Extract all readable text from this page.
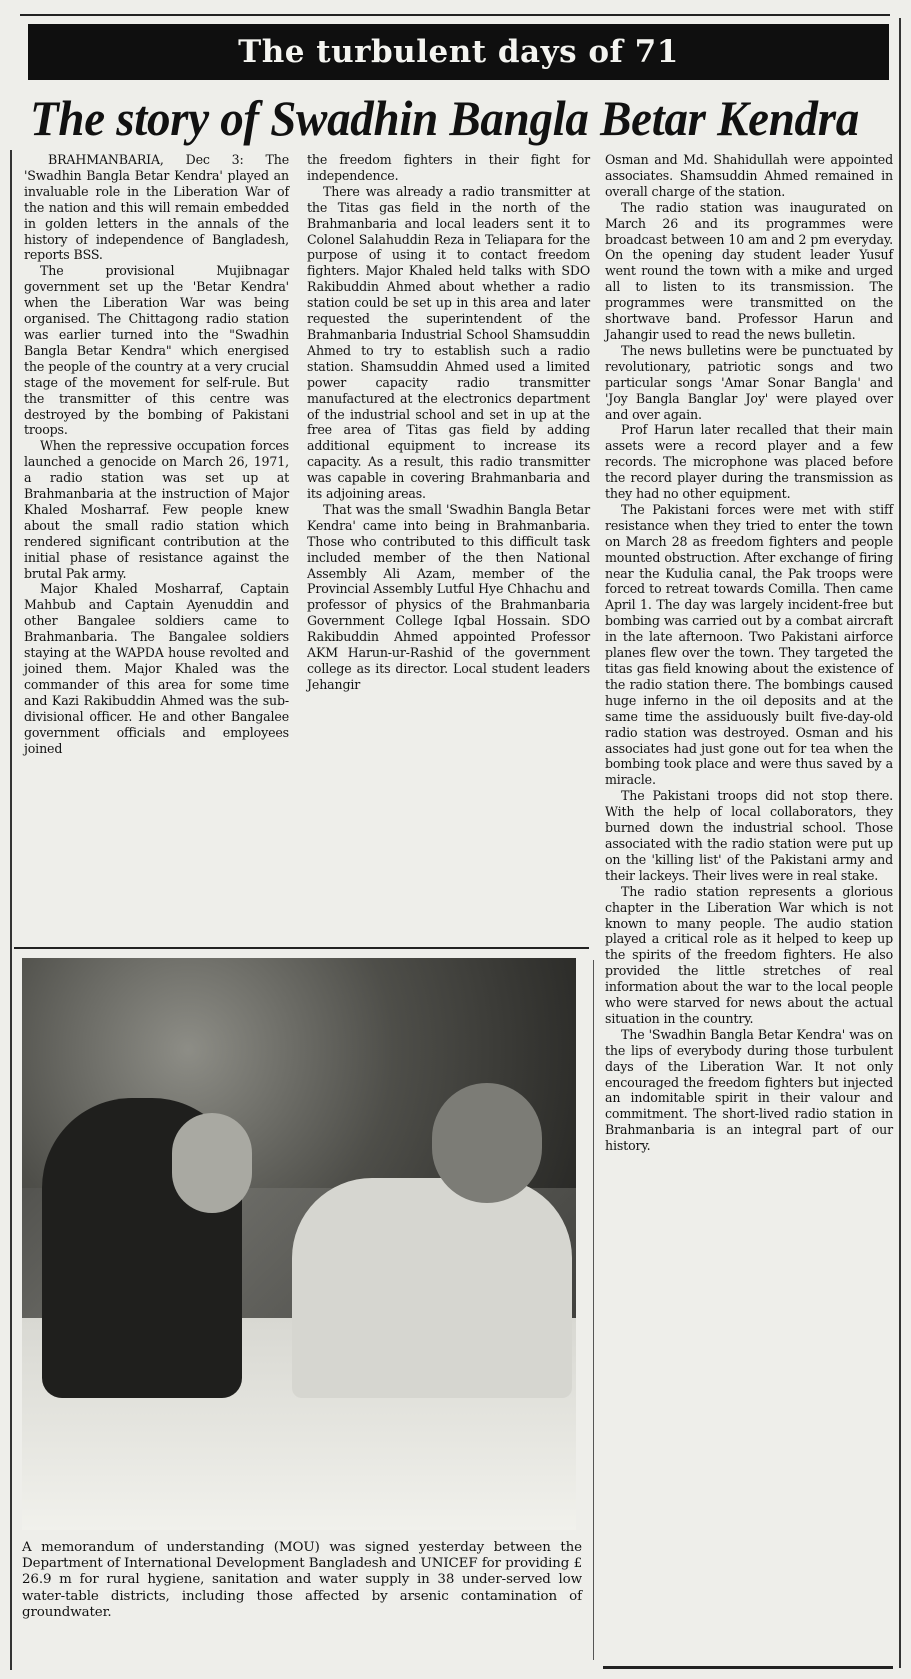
The turbulent days of 71
The story of Swadhin Bangla Betar Kendra

BRAHMANBARIA, Dec 3: The 'Swadhin Bangla Betar Kendra' played an invaluable role in the Liberation War of the nation and this will remain embedded in golden letters in the annals of the history of independence of Bangladesh, reports BSS.

The provisional Mujibnagar government set up the 'Betar Kendra' when the Liberation War was being organised. The Chittagong radio station was earlier turned into the "Swadhin Bangla Betar Kendra" which energised the people of the country at a very crucial stage of the movement for self-rule. But the transmitter of this centre was destroyed by the bombing of Pakistani troops.

When the repressive occupation forces launched a genocide on March 26, 1971, a radio station was set up at Brahmanbaria at the instruction of Major Khaled Mosharraf. Few people knew about the small radio station which rendered significant contribution at the initial phase of resistance against the brutal Pak army.

Major Khaled Mosharraf, Captain Mahbub and Captain Ayenuddin and other Bangalee soldiers came to Brahmanbaria. The Bangalee soldiers staying at the WAPDA house revolted and joined them. Major Khaled was the commander of this area for some time and Kazi Rakibuddin Ahmed was the sub-divisional officer. He and other Bangalee government officials and employees joined

the freedom fighters in their fight for independence.

There was already a radio transmitter at the Titas gas field in the north of the Brahmanbaria and local leaders sent it to Colonel Salahuddin Reza in Teliapara for the purpose of using it to contact freedom fighters. Major Khaled held talks with SDO Rakibuddin Ahmed about whether a radio station could be set up in this area and later requested the superintendent of the Brahmanbaria Industrial School Shamsuddin Ahmed to try to establish such a radio station. Shamsuddin Ahmed used a limited power capacity radio transmitter manufactured at the electronics department of the industrial school and set in up at the free area of Titas gas field by adding additional equipment to increase its capacity. As a result, this radio transmitter was capable in covering Brahmanbaria and its adjoining areas.

That was the small 'Swadhin Bangla Betar Kendra' came into being in Brahmanbaria. Those who contributed to this difficult task included member of the then National Assembly Ali Azam, member of the Provincial Assembly Lutful Hye Chhachu and professor of physics of the Brahmanbaria Government College Iqbal Hossain. SDO Rakibuddin Ahmed appointed Professor AKM Harun-ur-Rashid of the government college as its director. Local student leaders Jehangir

Osman and Md. Shahidullah were appointed associates. Shamsuddin Ahmed remained in overall charge of the station.

The radio station was inaugurated on March 26 and its programmes were broadcast between 10 am and 2 pm everyday. On the opening day student leader Yusuf went round the town with a mike and urged all to listen to its transmission. The programmes were transmitted on the shortwave band. Professor Harun and Jahangir used to read the news bulletin.

The news bulletins were be punctuated by revolutionary, patriotic songs and two particular songs 'Amar Sonar Bangla' and 'Joy Bangla Banglar Joy' were played over and over again.

Prof Harun later recalled that their main assets were a record player and a few records. The microphone was placed before the record player during the transmission as they had no other equipment.

The Pakistani forces were met with stiff resistance when they tried to enter the town on March 28 as freedom fighters and people mounted obstruction. After exchange of firing near the Kudulia canal, the Pak troops were forced to retreat towards Comilla. Then came April 1. The day was largely incident-free but bombing was carried out by a combat aircraft in the late afternoon. Two Pakistani airforce planes flew over the town. They targeted the titas gas field knowing about the existence of the radio station there. The bombings caused huge inferno in the oil deposits and at the same time the assiduously built five-day-old radio station was destroyed. Osman and his associates had just gone out for tea when the bombing took place and were thus saved by a miracle.

The Pakistani troops did not stop there. With the help of local collaborators, they burned down the industrial school. Those associated with the radio station were put up on the 'killing list' of the Pakistani army and their lackeys. Their lives were in real stake.

The radio station represents a glorious chapter in the Liberation War which is not known to many people. The audio station played a critical role as it helped to keep up the spirits of the freedom fighters. He also provided the little stretches of real information about the war to the local people who were starved for news about the actual situation in the country.

The 'Swadhin Bangla Betar Kendra' was on the lips of everybody during those turbulent days of the Liberation War. It not only encouraged the freedom fighters but injected an indomitable spirit in their valour and commitment. The short-lived radio station in Brahmanbaria is an integral part of our history.

A memorandum of understanding (MOU) was signed yesterday between the Department of International Development Bangladesh and UNICEF for providing £ 26.9 m for rural hygiene, sanitation and water supply in 38 under-served low water-table districts, including those affected by arsenic contamination of groundwater.
